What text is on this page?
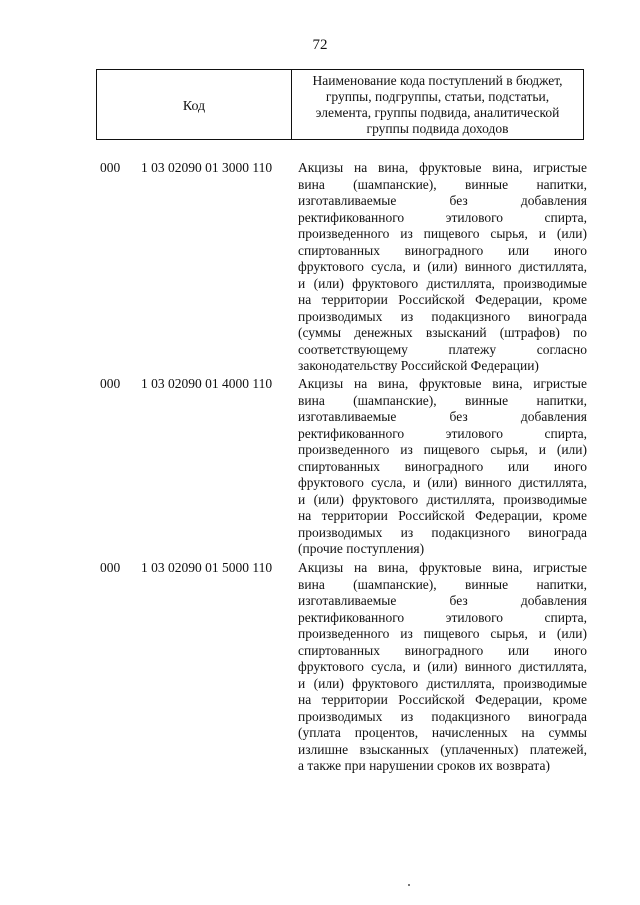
72
Код
Наименование кода поступлений в бюджет,
группы, подгруппы, статьи, подстатьи,
элемента, группы подвида, аналитической
группы подвида доходов
000 1 03 02090 01 3000 110 Акцизы на вина, фруктовые вина, игристые
вина (шампанские), винные напитки,
изготавливаемые без добавления
ректификованного этилового спирта,
произведенного из пищевого сырья, и (или)
спиртованных виноградного или иного
фруктового сусла, и (или) винного дистиллята,
и (или) фруктового дистиллята, производимые
на территории Российской Федерации, кроме
производимых из подакцизного винограда
(суммы денежных взысканий (штрафов) по
соответствующему платежу согласно
законодательству Российской Федерации)
000 1 03 02090 01 4000 110 Акцизы на вина, фруктовые вина, игристые
вина (шампанские), винные напитки,
изготавливаемые без добавления
ректификованного этилового спирта,
произведенного из пищевого сырья, и (или)
спиртованных виноградного или иного
фруктового сусла, и (или) винного дистиллята,
и (или) фруктового дистиллята, производимые
на территории Российской Федерации, кроме
производимых из подакцизного винограда
(прочие поступления)
000 1 03 02090 01 5000 110 Акцизы на вина, фруктовые вина, игристые
вина (шампанские), винные напитки,
изготавливаемые без добавления
ректификованного этилового спирта,
произведенного из пищевого сырья, и (или)
спиртованных виноградного или иного
фруктового сусла, и (или) винного дистиллята,
и (или) фруктового дистиллята, производимые
на территории Российской Федерации, кроме
производимых из подакцизного винограда
(уплата процентов, начисленных на суммы
излишне взысканных (уплаченных) платежей,
а также при нарушении сроков их возврата)
